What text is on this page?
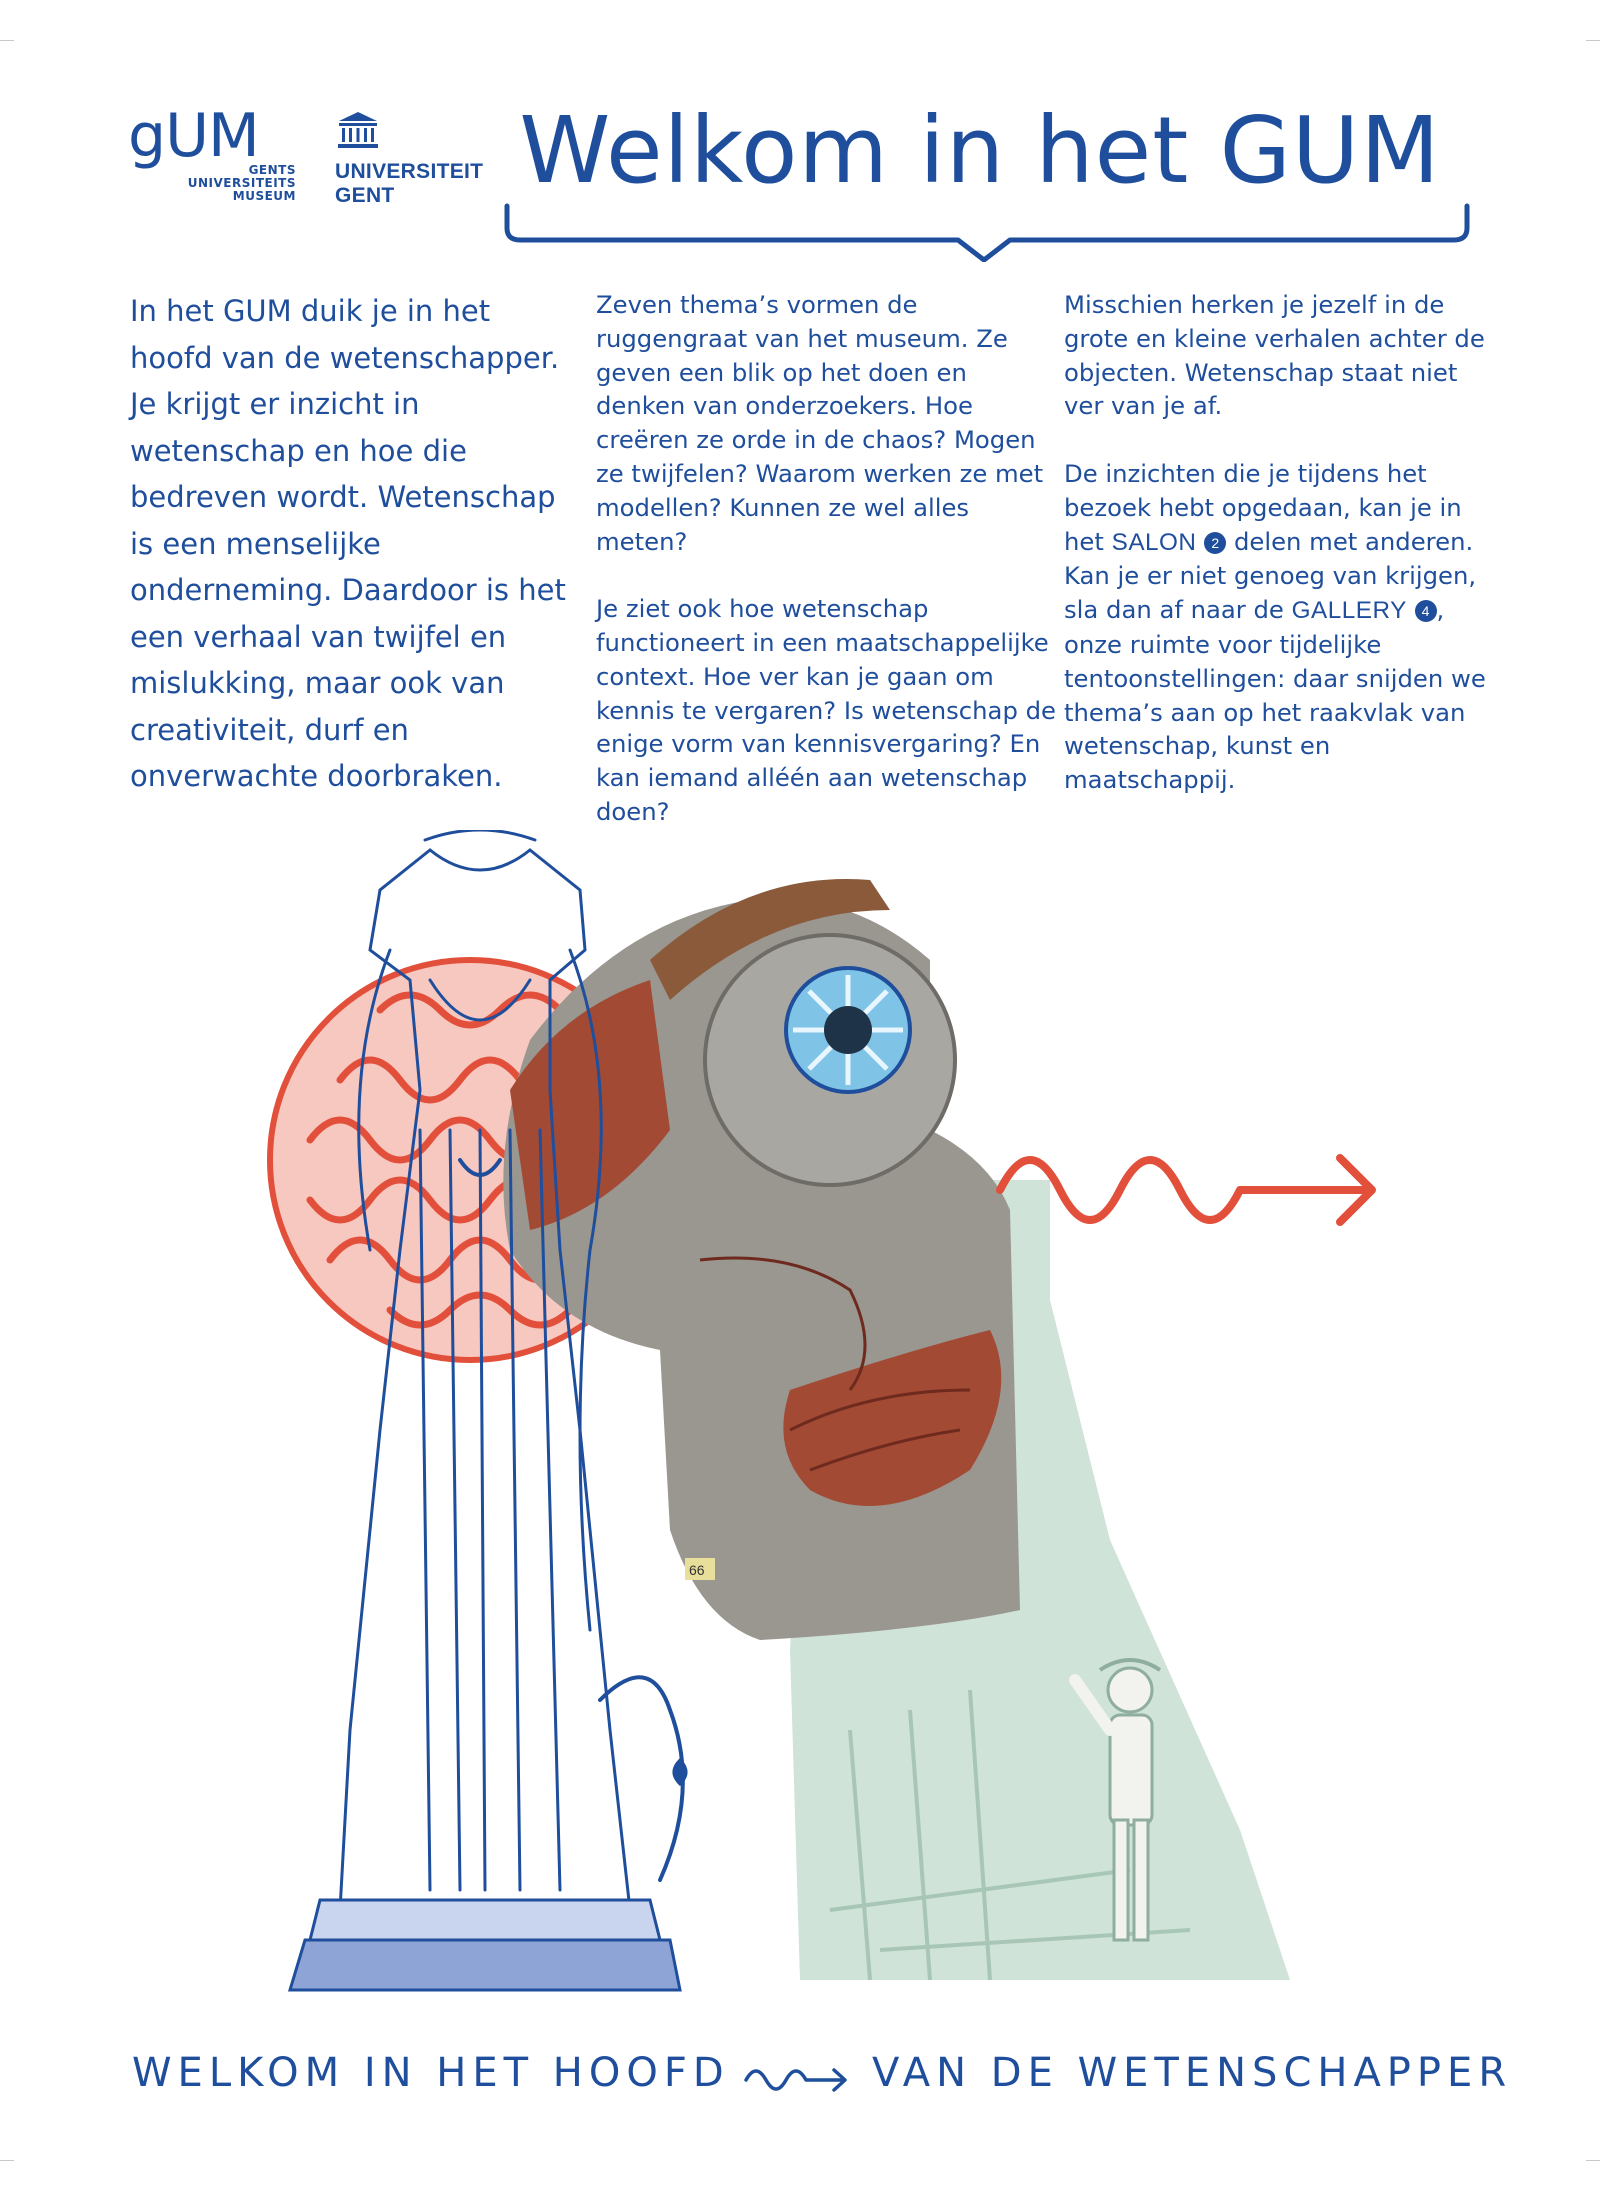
gUM
GENTS
UNIVERSITEITS
MUSEUM
UNIVERSITEIT GENT	Welkom in het GUM

In het GUM duik je in het hoofd van de wetenschapper. Je krijgt er inzicht in wetenschap en hoe die bedreven wordt. Wetenschap is een menselijke onderneming. Daardoor is het een verhaal van twijfel en mislukking, maar ook van creativiteit, durf en onverwachte doorbraken.

Zeven thema’s vormen de ruggengraat van het museum. Ze geven een blik op het doen en denken van onderzoekers. Hoe creëren ze orde in de chaos? Mogen ze twijfelen? Waarom werken ze met modellen? Kunnen ze wel alles meten?

Je ziet ook hoe wetenschap functioneert in een maatschappelijke context. Hoe ver kan je gaan om kennis te vergaren? Is wetenschap de enige vorm van kennisvergaring? En kan iemand alléén aan wetenschap doen?

Misschien herken je jezelf in de grote en kleine verhalen achter de objecten. Wetenschap staat niet ver van je af.

De inzichten die je tijdens het bezoek hebt opgedaan, kan je in het SALON 2 delen met anderen. Kan je er niet genoeg van krijgen, sla dan af naar de GALLERY 4 , onze ruimte voor tijdelijke tentoonstellingen: daar snijden we thema’s aan op het raakvlak van wetenschap, kunst en maatschappij.

66

WELKOM IN HET HOOFD	VAN DE WETENSCHAPPER
